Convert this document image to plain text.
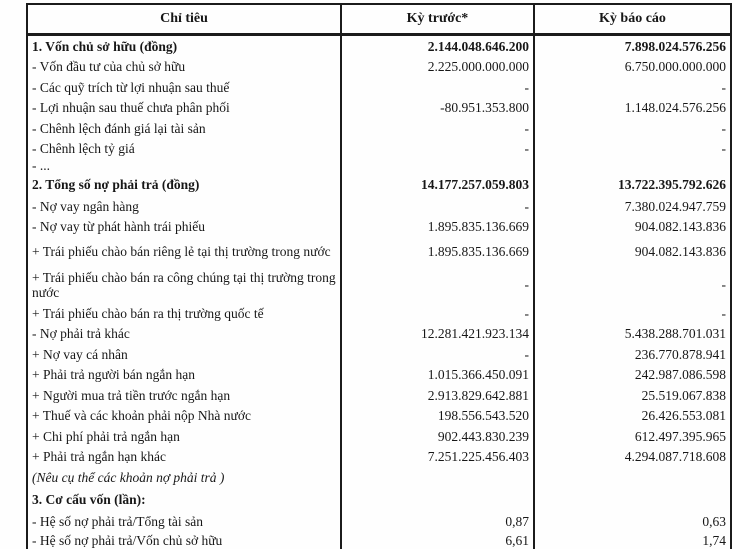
Chỉ tiêu	Kỳ trước*	Kỳ báo cáo
1. Vốn chủ sở hữu (đồng)	2.144.048.646.200	7.898.024.576.256
- Vốn đầu tư của chủ sở hữu	2.225.000.000.000	6.750.000.000.000
- Các quỹ trích từ lợi nhuận sau thuế	-	-
- Lợi nhuận sau thuế chưa phân phối	-80.951.353.800	1.148.024.576.256
- Chênh lệch đánh giá lại tài sản	-	-
- Chênh lệch tỷ giá	-	-
- ...		
2. Tổng số nợ phải trả (đồng)	14.177.257.059.803	13.722.395.792.626
- Nợ vay ngân hàng	-	7.380.024.947.759
- Nợ vay từ phát hành trái phiếu	1.895.835.136.669	904.082.143.836
+ Trái phiếu chào bán riêng lẻ tại thị trường trong nước	1.895.835.136.669	904.082.143.836
+ Trái phiếu chào bán ra công chúng tại thị trường trong nước	-	-
+ Trái phiếu chào bán ra thị trường quốc tế	-	-
- Nợ phải trả khác	12.281.421.923.134	5.438.288.701.031
+ Nợ vay cá nhân	-	236.770.878.941
+ Phải trả người bán ngắn hạn	1.015.366.450.091	242.987.086.598
+ Người mua trả tiền trước ngắn hạn	2.913.829.642.881	25.519.067.838
+ Thuế và các khoản phải nộp Nhà nước	198.556.543.520	26.426.553.081
+ Chi phí phải trả ngắn hạn	902.443.830.239	612.497.395.965
+ Phải trả ngắn hạn khác	7.251.225.456.403	4.294.087.718.608
(Nêu cụ thể các khoản nợ phải trả )		
3. Cơ cấu vốn (lần):		
- Hệ số nợ phải trả/Tổng tài sản	0,87	0,63
- Hệ số nợ phải trả/Vốn chủ sở hữu	6,61	1,74
